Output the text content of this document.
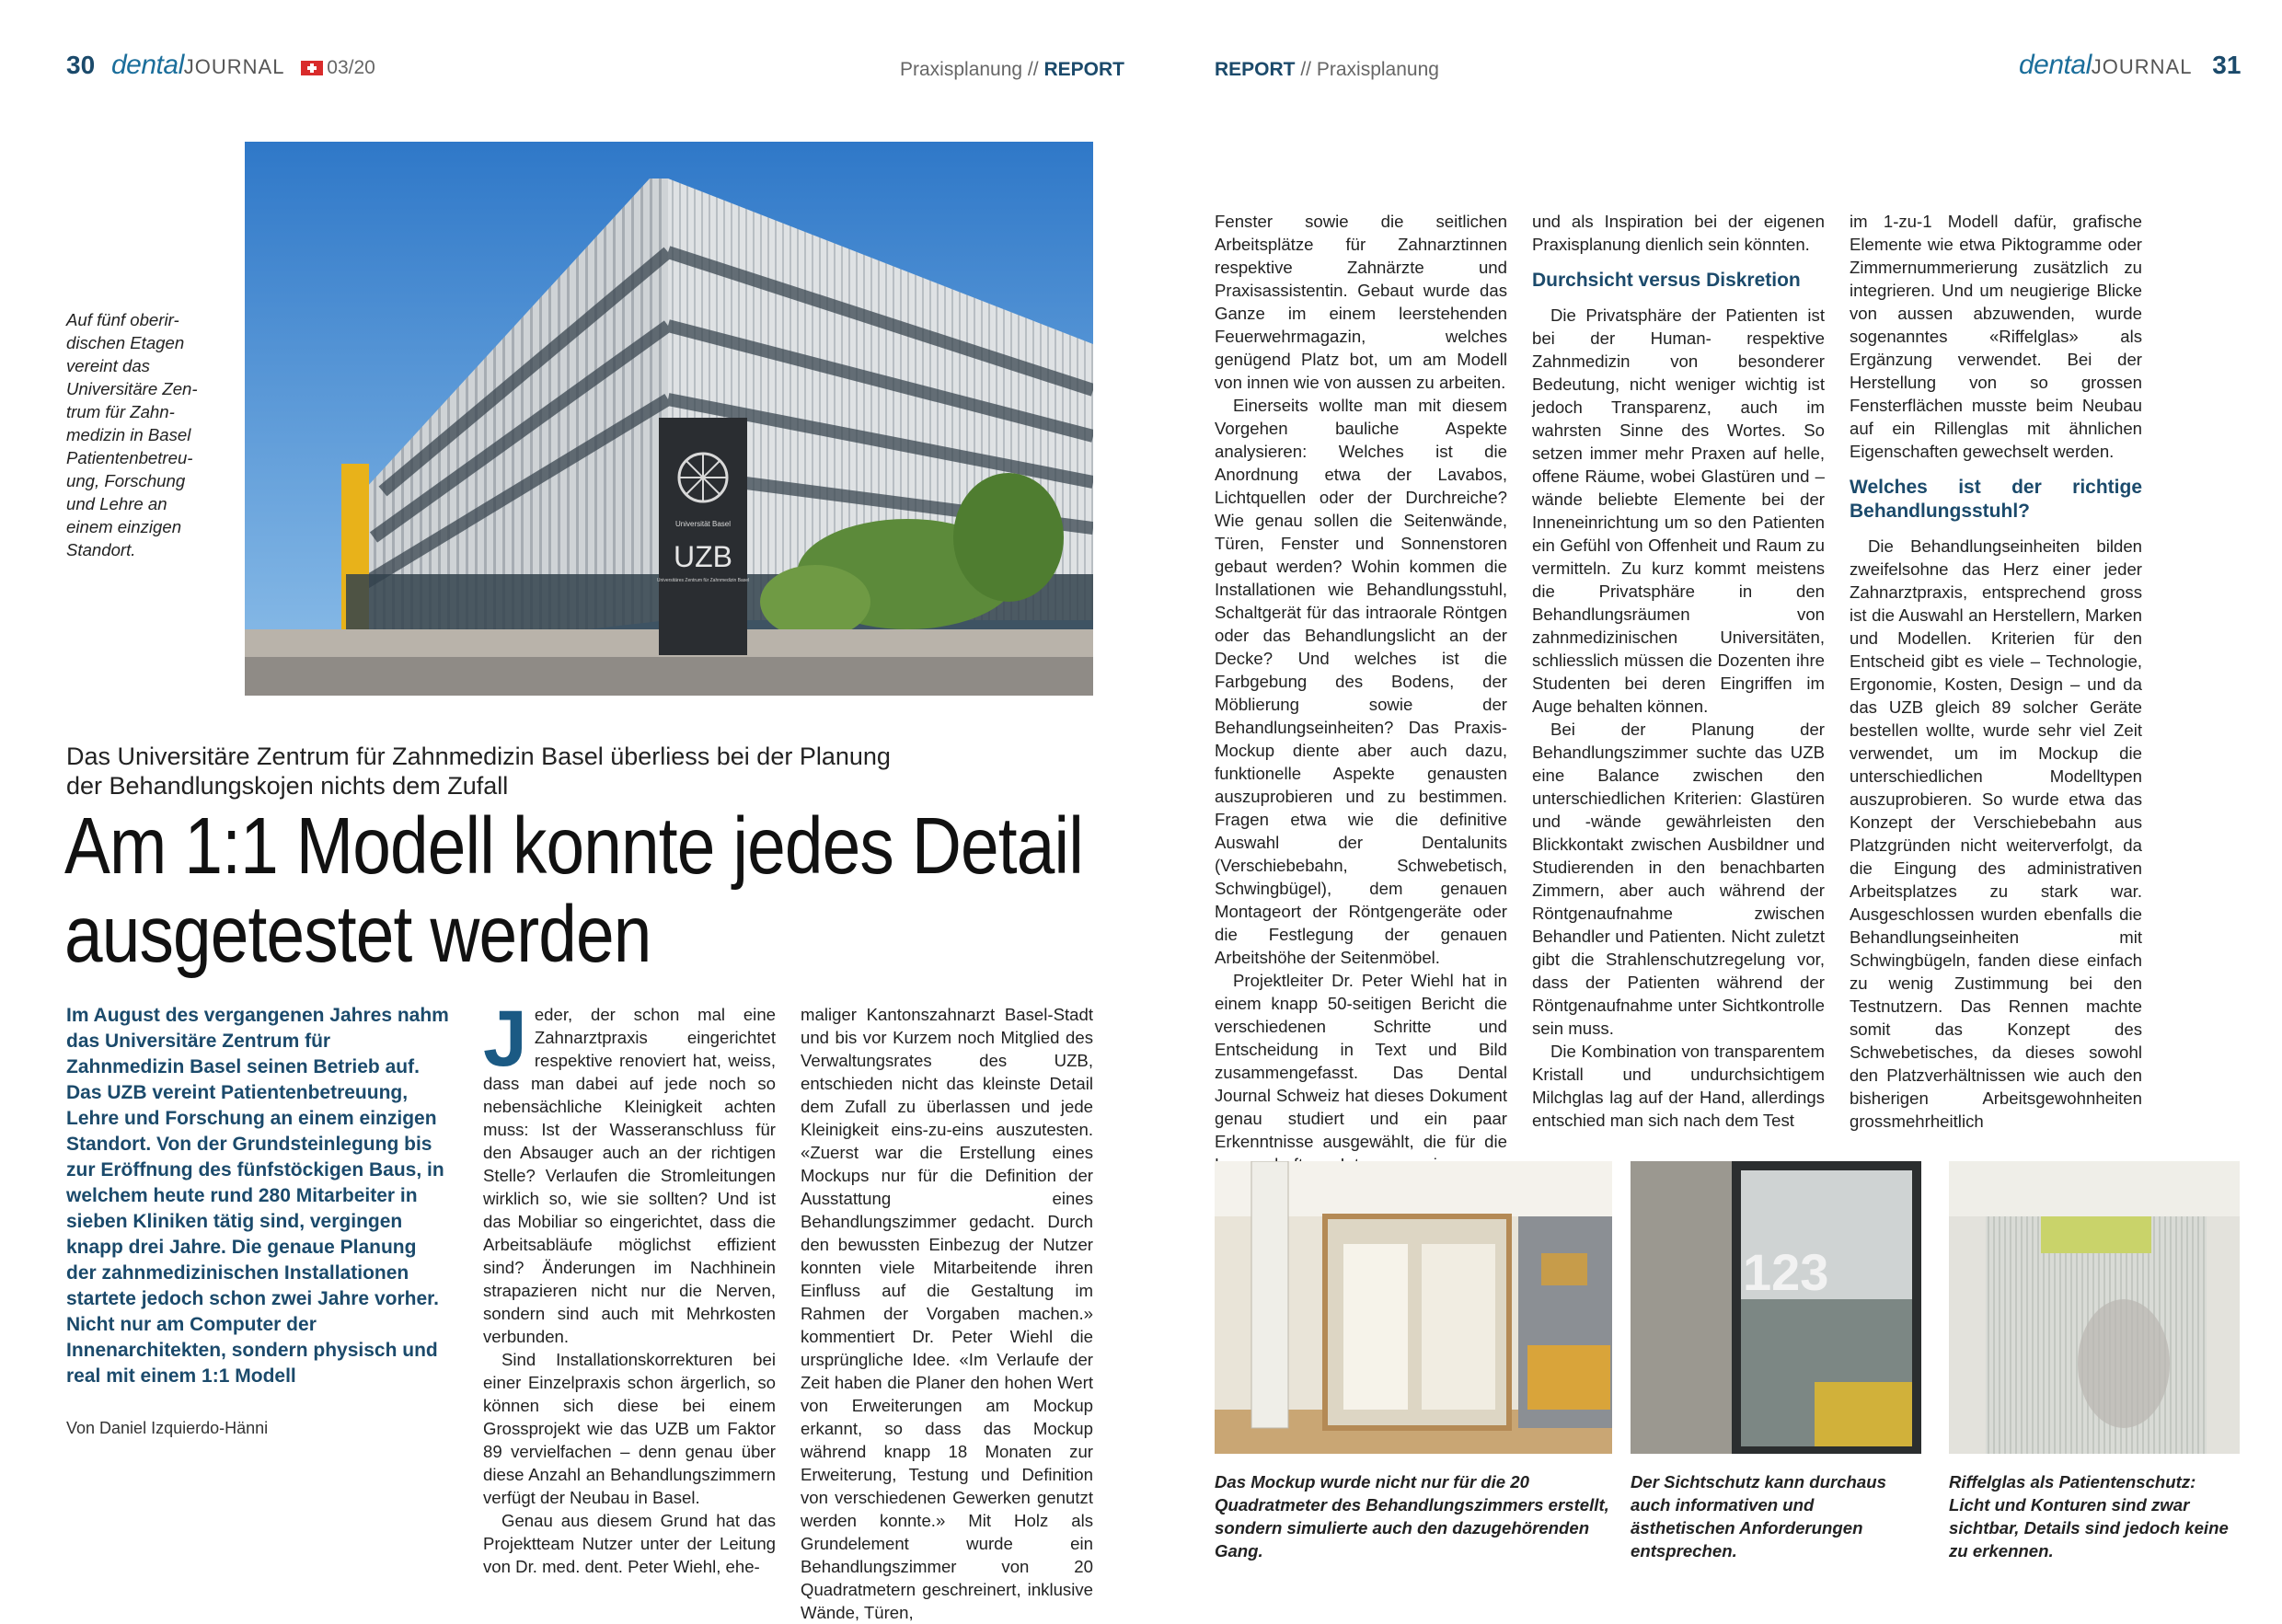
30 dentalJOURNAL 03/20	Praxisplanung // REPORT
Auf fünf oberir-
dischen Etagen
vereint das
Universitäre Zen-
trum für Zahn-
medizin in Basel
Patientenbetreu-
ung, Forschung
und Lehre an
einem einzigen
Standort.
Universität Basel
UZB
Universitäres Zentrum für Zahnmedizin Basel
Das Universitäre Zentrum für Zahnmedizin Basel überliess bei der Planung
der Behandlungskojen nichts dem Zufall
Am 1:1 Modell konnte jedes Detail
ausgetestet werden
Im August des vergangenen Jahres nahm das Universitäre Zentrum für Zahnmedizin Basel seinen Betrieb auf. Das UZB vereint Patientenbetreuung, Lehre und Forschung an einem einzigen Standort. Von der Grundsteinlegung bis zur Eröffnung des fünfstöckigen Baus, in welchem heute rund 280 Mitarbeiter in sieben Kliniken tätig sind, vergingen knapp drei Jahre. Die genaue Planung der zahnmedizinischen Installationen startete jedoch schon zwei Jahre vorher. Nicht nur am Computer der Innenarchitekten, sondern physisch und real mit einem 1:1 Modell
Von Daniel Izquierdo-Hänni

Jeder, der schon mal eine Zahnarztpraxis eingerichtet respektive renoviert hat, weiss, dass man dabei auf jede noch so nebensächliche Kleinigkeit achten muss: Ist der Wasseranschluss für den Absauger auch an der richtigen Stelle? Verlaufen die Stromleitungen wirklich so, wie sie sollten? Und ist das Mobiliar so eingerichtet, dass die Arbeitsabläufe möglichst effizient sind? Änderungen im Nachhinein strapazieren nicht nur die Nerven, sondern sind auch mit Mehrkosten verbunden.

Sind Installationskorrekturen bei einer Einzelpraxis schon ärgerlich, so können sich diese bei einem Grossprojekt wie das UZB um Faktor 89 vervielfachen – denn genau über diese Anzahl an Behandlungszimmern verfügt der Neubau in Basel.

Genau aus diesem Grund hat das Projektteam Nutzer unter der Leitung von Dr. med. dent. Peter Wiehl, ehe-

maliger Kantonszahnarzt Basel-Stadt und bis vor Kurzem noch Mitglied des Verwaltungsrates des UZB, entschieden nicht das kleinste Detail dem Zufall zu überlassen und jede Kleinigkeit eins-zu-eins auszutesten. «Zuerst war die Erstellung eines Mockups nur für die Definition der Ausstattung eines Behandlungszimmer gedacht. Durch den bewussten Einbezug der Nutzer konnten viele Mitarbeitende ihren Einfluss auf die Gestaltung im Rahmen der Vorgaben machen.» kommentiert Dr. Peter Wiehl die ursprüngliche Idee. «Im Verlaufe der Zeit haben die Planer den hohen Wert von Erweiterungen am Mockup erkannt, so dass das Mockup während knapp 18 Monaten zur Erweiterung, Testung und Definition von verschiedenen Gewerken genutzt werden konnte.» Mit Holz als Grundelement wurde ein Behandlungszimmer von 20 Quadratmetern geschreinert, inklusive Wände, Türen,

REPORT // Praxisplanung	dentalJOURNAL 31

Fenster sowie die seitlichen Arbeitsplätze für Zahnarztinnen respektive Zahnärzte und Praxisassistentin. Gebaut wurde das Ganze im einem leerstehenden Feuerwehrmagazin, welches genügend Platz bot, um am Modell von innen wie von aussen zu arbeiten.

Einerseits wollte man mit diesem Vorgehen bauliche Aspekte analysieren: Welches ist die Anordnung etwa der Lavabos, Lichtquellen oder der Durchreiche? Wie genau sollen die Seitenwände, Türen, Fenster und Sonnenstoren gebaut werden? Wohin kommen die Installationen wie Behandlungsstuhl, Schaltgerät für das intraorale Röntgen oder das Behandlungslicht an der Decke? Und welches ist die Farbgebung des Bodens, der Möblierung sowie der Behandlungseinheiten? Das Praxis-Mockup diente aber auch dazu, funktionelle Aspekte genausten auszuprobieren und zu bestimmen. Fragen etwa wie die definitive Auswahl der Dentalunits (Verschiebebahn, Schwebetisch, Schwingbügel), dem genauen Montageort der Röntgengeräte oder die Festlegung der genauen Arbeitshöhe der Seitenmöbel.

Projektleiter Dr. Peter Wiehl hat in einem knapp 50-seitigen Bericht die verschiedenen Schritte und Entscheidung in Text und Bild zusammengefasst. Das Dental Journal Schweiz hat dieses Dokument genau studiert und ein paar Erkenntnisse ausgewählt, die für die

und als Inspiration bei der eigenen Praxisplanung dienlich sein könnten.

Durchsicht versus Diskretion

Die Privatsphäre der Patienten ist bei der Human- respektive Zahnmedizin von besonderer Bedeutung, nicht weniger wichtig ist jedoch Transparenz, auch im wahrsten Sinne des Wortes. So setzen immer mehr Praxen auf helle, offene Räume, wobei Glastüren und –wände beliebte Elemente bei der Inneneinrichtung um so den Patienten ein Gefühl von Offenheit und Raum zu vermitteln. Zu kurz kommt meistens die Privatsphäre in den Behandlungsräumen von zahnmedizinischen Universitäten, schliesslich müssen die Dozenten ihre Studenten bei deren Eingriffen im Auge behalten können.

Bei der Planung der Behandlungszimmer suchte das UZB eine Balance zwischen den unterschiedlichen Kriterien: Glastüren und -wände gewährleisten den Blickkontakt zwischen Ausbildner und Studierenden in den benachbarten Zimmern, aber auch während der Röntgenaufnahme zwischen Behandler und Patienten. Nicht zuletzt gibt die Strahlenschutzregelung vor, dass der Patienten während der Röntgenaufnahme unter Sichtkontrolle sein muss.

Die Kombination von transparentem Kristall und undurchsichtigem Milchglas lag auf der Hand, allerdings entschied man sich nach dem Test

im 1-zu-1 Modell dafür, grafische Elemente wie etwa Piktogramme oder Zimmernummerierung zusätzlich zu integrieren. Und um neugierige Blicke von aussen abzuwenden, wurde sogenanntes «Riffelglas» als Ergänzung verwendet. Bei der Herstellung von so grossen Fensterflächen musste beim Neubau auf ein Rillenglas mit ähnlichen Eigenschaften gewechselt werden.

Welches ist der richtige Behandlungsstuhl?

Die Behandlungseinheiten bilden zweifelsohne das Herz einer jeder Zahnarztpraxis, entsprechend gross ist die Auswahl an Herstellern, Marken und Modellen. Kriterien für den Entscheid gibt es viele – Technologie, Ergonomie, Kosten, Design – und da das UZB gleich 89 solcher Geräte bestellen wollte, wurde sehr viel Zeit verwendet, um im Mockup die unterschiedlichen Modelltypen auszuprobieren. So wurde etwa das Konzept der Verschiebebahn aus Platzgründen nicht weiterverfolgt, da die Eingung des administrativen Arbeitsplatzes zu stark war. Ausgeschlossen wurden ebenfalls die Behandlungseinheiten mit Schwingbügeln, fanden diese einfach zu wenig Zustimmung bei den Testnutzern. Das Rennen machte somit das Konzept des Schwebetisches, da dieses sowohl den Platzverhältnissen wie auch den bisherigen Arbeitsgewohnheiten grossmehrheitlich

123
Das Mockup wurde nicht nur für die 20 Quadratmeter des Behandlungszimmers erstellt, sondern simulierte auch den dazugehörenden Gang.
Der Sichtschutz kann durchaus auch informativen und ästhetischen Anforderungen entsprechen.
Riffelglas als Patientenschutz: Licht und Konturen sind zwar sichtbar, Details sind jedoch keine zu erkennen.
